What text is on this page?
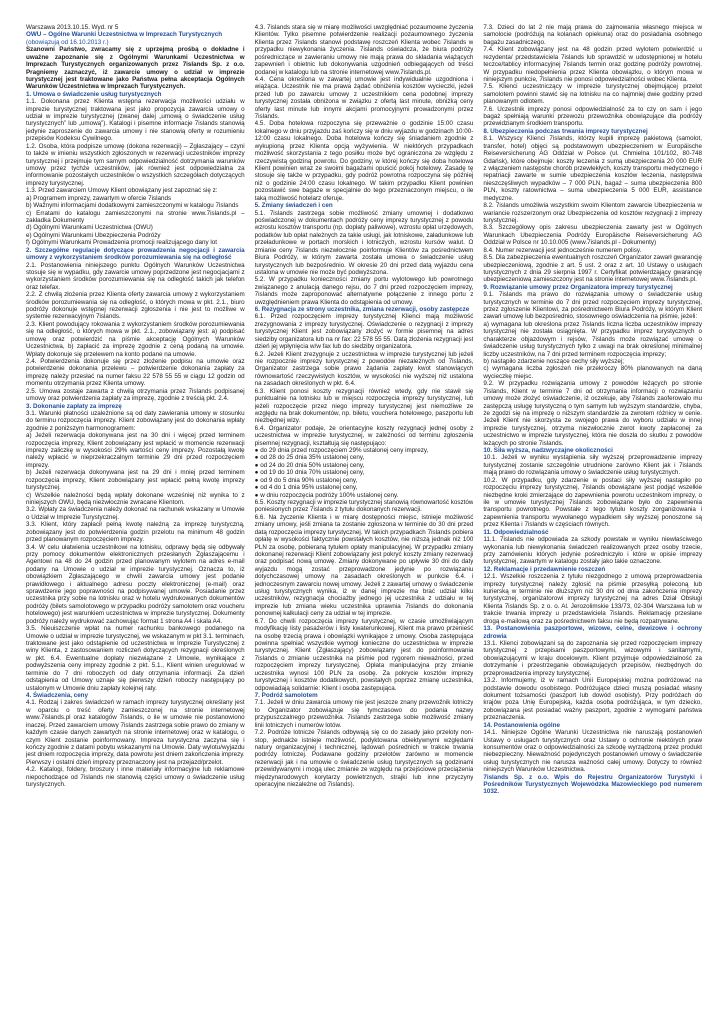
Warszawa 2013.10.15. Wyd. nr 5

OWU – Ogólne Warunki Uczestnictwa w Imprezach Turystycznych

(obowiązują od 16.10.2013 r.)

Szanowni Państwo, zwracamy się z uprzejmą prośbą o dokładne i uważne zapoznanie się z Ogólnymi Warunkami Uczestnictwa w Imprezach Turystycznych organizowanych przez 7islands Sp. z o.o. Pragniemy zaznaczyć, iż zawarcie umowy o udział w imprezie turystycznej jest traktowane jako Państwa pełna akceptacja Ogólnych Warunków Uczestnictwa w Imprezach Turystycznych.

1. Umowa o świadczenie usług turystycznych

1.1. Dokonana przez Klienta wstępna rezerwacja możliwości udziału w imprezie turystycznej traktowana jest jako propozycja zawarcia umowy o udział w imprezie turystycznej (zwanej dalej „umową o świadczenie usług turystycznych” lub „umową”). Katalogi i pisemne informacje 7islands stanowią jedynie zaproszenie do zawarcia umowy i nie stanowią oferty w rozumieniu przepisów Kodeksu Cywilnego.

1.2. Osoba, która podpisze umowę (dokona rezerwacji) – Zgłaszający – czyni to także w imieniu wszystkich zgłoszonych w rezerwacji uczestników imprezy turystycznej i przejmuje tym samym odpowiedzialność dotrzymania warunków umowy przez tychże uczestników, jak również jest odpowiedzialna za informowanie pozostałych uczestników o wszystkich szczegółach dotyczących imprezy turystycznej.

1.3. Przed zawarciem Umowy Klient obowiązany jest zapoznać się z:

a) Programem imprezy, zawartym w ofercie 7islands

b) Wažnymi informacjami dodatkowymi zamieszczonymi w katalogu 7islands

c) Erratami do katalogu zamieszczonymi na stronie www.7islands.pl – zakładka Dokumenty

d) Ogólnymi Warunkami Uczestnictwa (OWU)

e) Ogólnymi Warunkami Ubezpieczenia Podróży

f) Ogólnymi Warunkami Prowadzenia promocji realizującego dany lot

2. Szczegółne regulacje dotyczące prowadzenia negocjacji i zawarcia umowy z wykorzystaniem środków porozumiewania się na odległość

2.1. Postanowienia niniejszego punktu Ogólnych Warunków Uczestnictwa stosuje się w wypadku, gdy zawarcie umowy poprzedzone jest negocjacjami z wykorzystaniem środków porozumiewania się na odległość takich jak telefon oraz telefax.

2.2. Z chwilą złożenia przez Klienta oferty zawarcia umowy z wykorzystaniem środków porozumiewania się na odległość, o których mowa w pkt. 2.1., biuro podróży dokonuje wstępnej rezerwacji zgłoszenia i nie jest to możliwe w systemie rezerwacyjnym 7islands.

2.3. Klient powodujący rokowania z wykorzystaniem środków porozumiewania się na odległość, o których mowa w pkt. 2.1., zobowiązany jest: a) podpisać umowę oraz potwierdzić na piśmie akceptację Ogólnych Warunków Uczestnictwa, b) zapłacić za imprezę zgodnie z ceną podaną na umowie. Wpłaty dokonuje się przelewem na konto podane na umowie.

2.4. Potwierdzenia dokonuje się przez złożenie podpisu na umowie oraz potwierdzenie dokonania przelewu – potwierdzenie dokonania zapłaty za imprezę należy przesłać na numer faksu 22 578 55 55 w ciągu 12 godzin od momentu otrzymania przez Klienta umowy.

2.5. Umowa zostaje zawarta z chwilą otrzymania przez 7islands podpisanej umowy oraz potwierdzenia zapłaty za imprezę, zgodnie z treścią pkt. 2.4.

3. Dokonanie zapłaty za imprezę

3.1. Warunki płatności uzależnione są od daty zawierania umowy w stosunku do terminu rozpoczęcia imprezy. Klient zobowiązany jest do dokonania wpłaty zgodnie z poniższym harmonogramem:

a) Jeżeli rezerwacja dokonywana jest na 30 dni i więcej przed terminem rozpoczęcia imprezy, Klient zobowiązany jest wpłacić w momencie rezerwacji imprezy zaliczkę w wysokości 29% wartości ceny imprezy. Pozostałą kwotę należy wpłacić w nieprzekraczalnym terminie 29 dni przed rozpoczęciem imprezy.

b) Jeżeli rezerwacja dokonywana jest na 29 dni i mniej przed terminem rozpoczęcia imprezy, Klient zobowiązany jest wpłacić pełną kwotę imprezy turystycznej.

c) Wszelkie należności będą wpłaty dokonane wcześniej niż wynika to z niniejszych OWU, będą niezwłocznie zwracane Klientom.

3.2. Wpłaty za świadczenia należy dokonać na rachunek wskazany w Umowie o Udział w Imprezie Turystycznej.

3.3. Klient, który zapłacił pełną kwotę należną za imprezę turystyczną, zobowiązany jest do potwierdzenia godzin przelotu na minimum 48 godzin przed planowanym rozpoczęciem imprezy.

3.4. W celu ułatwienia uczestnikowi na lotnisku, odprawy będą się odbywały przy pomocy dokumentów elektronicznych przesłanych Zgłaszającemu i Agentowi na 48 do 24 godzin przed planowanym wylotem na adres e-mail podany na Umowie o udział w imprezie turystycznej. Oznacza to, iż obowiązkiem Zgłaszającego w chwili zawarcia umowy jest podanie prawidłowego i aktualnego adresu poczty elektronicznej (e-mail) oraz sprawdzenie jego poprawności na podpisywanej umowie. Posiadanie przez uczestnika przy sobie na lotnisku oraz w hotelu wydrukowanych dokumentów podróży (bilets samolotowego w przypadku podróży samolotem oraz voucheru hotelowego) jest warunkiem uczestnictwa w imprezie turystycznej. Dokumenty podróży należy wydrukować zachowując format 1 strona A4 i skala A4.

3.5. Nieuiszczenie wpłat na numer rachunku bankowego podanego na Umowie o udział w imprezie turystycznej, we wskazanym w pkt 3.1. terminach, traktowane jest jako odstąpienie od uczestnictwa w Imprezie Turystycznej z winy Klienta, z zastosowaniem rozliczeń dotyczących rezygnacji określonych w pkt. 6.4. Ewentualne dopłaty niezwiązane z Umowie, wynikające z podwyższenia ceny imprezy zgodnie z pkt. 5.1., Klient winien uregulować w terminie do 7 dni roboczych od daty otrzymania informacji. Za dzień odstąpienia od Umowy uznaje się pierwszy dzień roboczy następujący po ustalonym w Umowie dniu zapłaty kolejnej raty.

4. Świadczenia, ceny

4.1. Rodzaj i zakres świadczeń w ramach imprezy turystycznej określany jest w oparciu o treść oferty zamieszczonej na stronie internetowej www.7islands.pl oraz katalogów 7islands, o ile w umowie nie postanowiono inaczej. Przed zawarciem umowy 7islands zastrzega sobie prawo do zmiany w każdym czasie danych zawartych na stronie internetowej oraz w katalogu, o czym Klient zostanie poinformowany. Impreza turystyczna zaczyna się i kończy zgodnie z datami pobytu wskazanymi na Umowie. Daty wylotu/wyjazdu jest dniem rozpoczęcia imprezy, data powrotu jest dniem zakończenia imprezy. Pierwszy i ostatni dzień imprezy przeznaczony jest na przejazd/przelot.

4.2. Katalogi, foldery, broszury i inne materiały informacyjne lub reklamowe niepochodzące od 7islands nie stanowią części umowy o świadczenie usług turystycznych.

4.3. 7islands stara się w miarę możliwości uwzględniać pozaumowne życzenia Klientów. Tylko pisemne potwierdzenie realizacji pozaumownego życzenia Klienta przez 7islands stanowi podstawę roszczeń Klienta wobec 7islands w przypadku niewykonania życzenia. 7islands oświadcza, że biura podróży pośredniczące w zawieraniu umowy nie mają prawa do składania wiążących zapewnień i obietnic lub dokonywania uzgodnień odbiegających od treści podanej w katalogu lub na stronie internetowej www.7islands.pl.

4.4. Cena określona w zawartej umowie jest indywidualnie uzgodniona i wiążąca. Uczestnik nie ma prawa żądać obniżenia kosztów wycieczki, jeżeli przed lub po zawarciu umowy z uczestnikiem cena podobnej imprezy turystycznej została obniżona w związku z ofertą last minute, obniżką ceny oferty last minute lub innymi akcjami promocyjnymi prowadzonymi przez 7islands.

4.5. Doba hotelowa rozpoczyna się przeważnie o godzinie 15:00 czasu lokalnego w dniu przyjazdu zaś kończy się w dniu wyjazdu w godzinach 10:00-12:00 czasu lokalnego. Doba hotelowa kończy się śniadaniem zgodnie z wykupioną przez Klienta opcją wyżywienia. W niektórych przypadkach możliwość skorzystania z tego posiłku może być ograniczona ze względu z rzeczywistą godziną powrotu. Do godziny, w której kończy się doba hotelowa Klient powinien wraz ze swoimi bagażami opuścić pokój hotelowy. Zasadę tę stosuje się także w przypadku, gdy podróż powrotna rozpoczyna się później niż o godzinie 24:00 czasu lokalnego. W takim przypadku Klient powinien pozostawić swe bagaże w specjalnie do tego przeznaczonym miejscu, o ile taką możliwość hotelarz oferuje.

5. Zmiany świadczeń i cen

5.1. 7islands zastrzega sobie możliwość zmiany umownej i dodatkowo poświadczonej w dokumentach podróży ceny imprezy turystycznej z powodu wzrostu kosztów transportu (np. dopłaty paliwowe), wzrostu opłat urzędowych, podatków lub opłat należnych za takie usługi, jak lotniskowe, załadunkowe lub przeładunkowe w portach morskich i lotniczych, wzrostu kursów walut. O zmianie ceny 7islands niezwłocznie poinformuje Klientów za pośrednictwem Biura Podróży, w którym zawarta została umowa o świadczenie usług turystycznych lub bezpośrednio. W okresie 20 dni przed datą wyjazdu cena ustalona w umowie nie może być podwyższona.

5.2. W przypadku konieczności zmiany portu wylotowego lub powrotnego związanego z anulacją danego rejsu, do 7 dni przed rozpoczęciem imprezy, 7islands może zaproponować alternatywne połączenie z innego portu z uwzględnieniem prawa Klienta do odstąpienia od umowy.

6. Rezygnacja ze strony uczestnika, zmiana rezerwacji, osoby zastępcze

6.1. Przed rozpoczęciem imprezy turystycznej Klienci mają możliwość zrezygnowania z imprezy turystycznej. Oświadczenie o rezygnacji z imprezy turystycznej Klient jest zobowiązany złożyć w formie pisemnej na adres siedziby organizatora lub na nr fax: 22 578 55 55. Datą złożenia rezygnacji jest dzień jej wpłynięcia w/w fax lub do siedziby organizatora.

6.2. Jeżeli Klient zrezygnuje z uczestnictwa w imprezie turystycznej lub jeżeli nie rozpocznie imprezy turystycznej z powodów niezależnych od 7islands, Organizator zastrzega sobie prawo żądania zapłaty kwot stanowiących równowartość rzeczywistych kosztów, w wysokości nie wyższej niż ustalona na zasadach określonych w pkt. 6.4.

6.3. Klient ponosi koszty rezygnacji również wtedy, gdy nie stawił się punktualnie na lotnisku lub w miejscu rozpoczęcia imprezy turystycznej, lub jeżeli rozpoczęcie przez niego imprezy turystycznej jest niemożliwe ze względu na brak dokumentów, np. biletu, vouchera hotelowego, paszportu lub niezbędnej wizy.

6.4. Organizator podaje, że orientacyjne koszty rezygnacji jednej osoby z uczestnictwa w imprezie turystycznej, w zależności od terminu zgłoszenia pisemnej rezygnacji, kształtują się następująco:

● do 29 dnia przed rozpoczęciem 29% ustalonej ceny imprezy,

● od 28 do 25 dnia 35% ustalonej ceny,

● od 24 do 20 dnia 50% ustalonej ceny,

● od 19 do 10 dnia 70% ustalonej ceny,

● od 9 do 5 dnia 90% ustalonej ceny,

● od 4 do 1 dnia 95% ustalonej ceny,

● w dniu rozpoczęcia podróży 100% ustalonej ceny.

6.5. Koszty rezygnacji w imprezie turystycznej stanowią równowartość kosztów poniesionych przez 7islands z tytułu dokonanych rezerwacji.

6.6. Na życzenie Klienta i w miarę dostępności miejsc, istnieje możliwość zmiany umowy, jeśli zmiana ta zostanie zgłoszona w terminie do 30 dni przed datą rozpoczęcia imprezy turystycznej. W takich przypadkach 7islands pobiera opłatę w wysokości faktycznie powstałych kosztów, nie niższą jednak niż 100 PLN za osobę, pobieraną tytułem opłaty manipulacyjnej. W przypadku zmiany dokonanej rezerwacji Klient zobowiązany jest pokryć koszty zmiany rezerwacji oraz podpisać nową umowę. Zmiany dokonywane po upływie 30 dni do daty wyjazdu mogą zostać przeprowadzone jedynie po rozwiązaniu dotychczasowej umowy na zasadach określonych w punkcie 6.4. i jednoczesnym zawarciu nowej umowy. Jeżeli z zawartej umowy o świadczenie usług turystycznych wynika, iż w danej imprezie ma brać udział kilku uczestników, rezygnacja chociażby jednego jej uczestnika z udziału w tej imprezie lub zmiana wieku uczestnika uprawnia 7islands do dokonania ponownej kalkulacji ceny za udział w tej imprezie.

6.7. Do chwili rozpoczęcia imprezy turystycznej, w czasie umożliwiającym modyfikację listy pasażerów i listy kwaterunkowej, Klient ma prawo przenieść na osobę trzecią prawa i obowiązki wynikające z umowy. Osoba zastępująca powinna spełniać wszystkie wymogi konieczne do uczestnictwa w imprezie turystycznej. Klient (Zgłaszający) zobowiązany jest do poinformowania 7islands o zmianie uczestnika na piśmie pod rygorem nieważności, przed rozpoczęciem imprezy turystycznej. Opłata manipulacyjna przy zmianie uczestnika wynosi 100 PLN za osobę. Za pokrycie kosztów imprezy turystycznej i kosztów dodatkowych, powstałych poprzez zmianę uczestnika, odpowiadają solidarnie: Klient i osoba zastępująca.

7. Podróż samolotem

7.1. Jeżeli w dniu zawarcia umowy nie jest jeszcze znany przewoźnik lotniczy to Organizator zobowiązuje się tymczasowo do podania nazwy przypuszczalnego przewoźnika. 7islands zastrzega sobie możliwość zmiany linii lotniczych i numerów lotów.

7.2. Podróże lotnicze 7islands odbywają się co do zasady jako przeloty non-stop, jednakże istnieje możliwość, podyktowana obiektywnymi względami natury organizacyjnej i technicznej, lądowań pośrednich w trakcie trwania podróży lotniczej. Podawane godziny przelotów zarówno w momencie rezerwacji jak i na umowie o świadczenie usług turystycznych są godzinami przewidywanymi i mogą ulec zmianie ze względu na przejściowe przeciążenia międzynarodowych korytarzy powietrznych, strajki lub inne przyczyny operacyjne niezależne od 7islands).

7.3. Dzieci do lat 2 nie mają prawa do zajmowania własnego miejsca w samolocie (podróżują na kolanach opiekuna) oraz do posiadania osobnego bagażu zasadniczego.

7.4. Klient zobowiązany jest na 48 godzin przed wylotem potwierdzić u rezydenta/ przedstawiciela 7islands lub sprawdzić w udostępnionej w hotelu teczce/tablicy informacyjnej 7islands termin oraz godzinę podróży powrotnej. W przypadku niedopełnienia przez Klienta obowiązku, o którym mowa w niniejszym punkcie, 7islands nie ponosi odpowiedzialności wobec Klienta.

7.5. Klienci uczestniczący w imprezie turystycznej obejmującej przelot samolotem powinni stawić się na lotnisku na co najmniej dwie godziny przed planowanym odlotem.

7.6. Uczestnik imprezy ponosi odpowiedzialność za to czy on sam i jego bagaż spełniają warunki przewozu przewoźnika obowiązujące dla podróży przewidzianym środkiem transportu.

8. Ubezpieczenia podczas trwania imprezy turystycznej

8.1. Wszyscy Klienci 7islands, którzy kupili imprezę pakietową (samolot, transfer, hotel) objęci są podstawowym ubezpieczeniem w Europäische Reiseversicherung AG Oddział w Polsce (ul. Chmielna 101/102, 80-748 Gdańsk), które obejmuje: koszty leczenia z sumą ubezpieczenia 20 000 EUR z włączeniem następstw chorób przewlekłych, koszty transportu medycznego i repatriacji zawarte w sumie ubezpieczenia kosztów leczenia, następstwa nieszczęśliwych wypadków – 7 000 PLN, bagaż – suma ubezpieczenia 800 PLN, koszty ratownictwa – suma ubezpieczenia 5 000 EUR, assistance medyczne.

8.2. 7islands umożliwia wszystkim swoim Klientom zawarcie Ubezpieczenia w wariancie rozszerzonym oraz Ubezpieczenia od kosztów rezygnacji z imprezy turystycznej.

8.3. Szczegółowy opis zakresu ubezpieczenia zawarty jest w Ogólnych Warunkach Ubezpieczenia Podróży Europäische Reiseversicherung AG Oddział w Polsce nr 10.10.005 (www.7islands.pl - Dokumenty)

8.4. Numer rezerwacji jest jednocześnie numerem polisy.

8.5. Dla zabezpieczenia ewentualnych roszczeń Organizator zawarł gwarancję ubezpieczeniową, zgodnie z art. 5 ust. 2 oraz z art. 10 Ustawy o usługach turystycznych z dnia 29 sierpnia 1997 r. Certyfikat potwierdzający gwarancję ubezpieczeniową zamieszczony jest na stronie internetowej www.7islands.pl.

9. Rozwiązanie umowy przez Organizatora imprezy turystycznej

9.1. 7islands ma prawo do rozwiązania umowy o świadczenie usług turystycznych w terminie do 7 dni przed rozpoczęciem imprezy turystycznej, przez zgłoszenie Klientowi, za pośrednictwem Biura Podróży, w którym Klient zawarł umowę lub bezpośrednio, stosownego oświadczenia na piśmie, jeżeli:

a) wymagana lub określona przez 7islands liczna liczba uczestników imprezy turystycznej nie została osiągnięta. W przypadku imprez turystycznych o charakterze objazdowym i rejsów, 7islands może rozwiązać umowę o świadczenie usług turystycznych tylko z uwagi na brak określonej minimalnej liczby uczestników, na 7 dni przed terminem rozpoczęcia imprezy;

b) nastąpiło zdarzenie noszące cechy siły wyższej;

c) wymagana liczba zgłoszeń nie przekroczy 80% planowanych na daną wycieczkę miejsc.

9.2. W przypadku rozwiązania umowy z powodów leżących po stronie 7islands, Klient w terminie 7 dni od otrzymania informacji o rozwiązaniu umowy może złożyć oświadczenie, iż oczekuje, aby 7islands zaoferowało mu zastępczą usługę turystyczną o tym samym lub wyższym standardzie, chyba, że zgodzi się na imprezę o niższym standardzie za zwrotem różnicy w cenie. Jeżeli Klient nie skorzysta ze swojego prawa do wyboru udziału w innej imprezie turystycznej, otrzyma niezwłocznie zwrot kwoty zapłaconej za uczestnictwo w imprezie turystycznej, która nie doszła do skutku z powodów leżących po stronie 7islands.

10. Siła wyższa, nadzwyczajne okoliczności

10.1. Jeżeli w wyniku wystąpienia siły wyższej przeprowadzenie imprezy turystycznej zostanie szczególnie utrudnione zarówno Klient jak i 7islands mają prawo do rozwiązania umowy o świadczenie usług turystycznych.

10.2. W przypadku, gdy zdarzenie w postaci siły wyższej nastąpiło po rozpoczęciu imprezy turystycznej, 7islands obowiązane jest podjąć wszelkie niezbędne kroki zmierzające do zapewnienia powrotu uczestnikom imprezy, o ile w umowie turystycznej 7islands zobowiązane było do zapewnienia transportu powrotnego. Powstałe z tego tytułu koszty zorganizowania i zapewnienia transportu wywołanego wypadkiem siły wyższej ponoszone są przez Klienta i 7islands w częściach równych.

11. Odpowiedzialność

11.1. 7islands nie odpowiada za szkody powstałe w wyniku niewłaściwego wykonania lub niewykonania świadczeń realizowanych przez osoby trzecie, przy zamówieniu których jedynie pośredniczyło i które w opisie imprezy turystycznej, zawartym w katalogu zostały jako takie oznaczone.

12. Reklamacje i przedawnienie roszczeń

12.1. Wszelkie roszczenia z tytułu niezgodnego z umową przeprowadzenia imprezy turystycznej należy zgłosić na piśmie przesyłką poleconą lub kurierską w terminie nie dłuższym niż 30 dni od dnia zakończenia imprezy turystycznej, organizatorowi imprezy turystycznej na adres Dział Obsługi Klienta 7islands Sp. z o. o. Al. Jerozolimskie 133/73, 02-304 Warszawa lub w trakcie trwania imprezy u przedstawiciela 7islands. Reklamację przesłane drogą e-mailową oraz za pośrednictwem faksu nie będą rozpatrywane.

13. Postanowienia paszportowe, wizowe, celne, dewizowe i ochrony zdrowia

13.1. Klienci zobowiązani są do zapoznania się przed rozpoczęciem imprezy turystycznej z przepisami paszportowymi, wizowymi i sanitarnymi, obowiązującymi w kraju docelowym. Klient przyjmuje odpowiedzialność za dotrzymanie i przestrzeganie obowiązujących przepisów, niezbędnych do przeprowadzenia imprezy turystycznej.

13.2. Informujemy, iż w ramach Unii Europejskiej można podróżować na podstawie dowodu osobistego. Podróżujące dzieci muszą posiadać własny dokument tożsamości (paszport lub dowód osobisty). Przy podróżach do krajów poza Unię Europejską, każda osoba podróżująca, w tym dziecko, zobowiązana jest posiadać ważny paszport, zgodnie z wymogami państwa przeznaczenia.

14. Postanowienia ogólne

14.1. Niniejsze Ogólne Warunki Uczestnictwa nie naruszają postanowień Ustawy o usługach turystycznych oraz Ustawy o ochronie niektórych praw konsumentów oraz o odpowiedzialności za szkodę wyrządzoną przez produkt niebezpieczny. Nieważność pojedynczych postanowień umowy o świadczenie usług turystycznych nie narusza ważności całej umowy. Dotyczy to również niniejszych Warunków Uczestnictwa.

7islands Sp. z o.o. Wpis do Rejestru Organizatorów Turystyki i Pośredników Turystycznych Wojewódzka Mazowieckiego pod numerem 1032.
